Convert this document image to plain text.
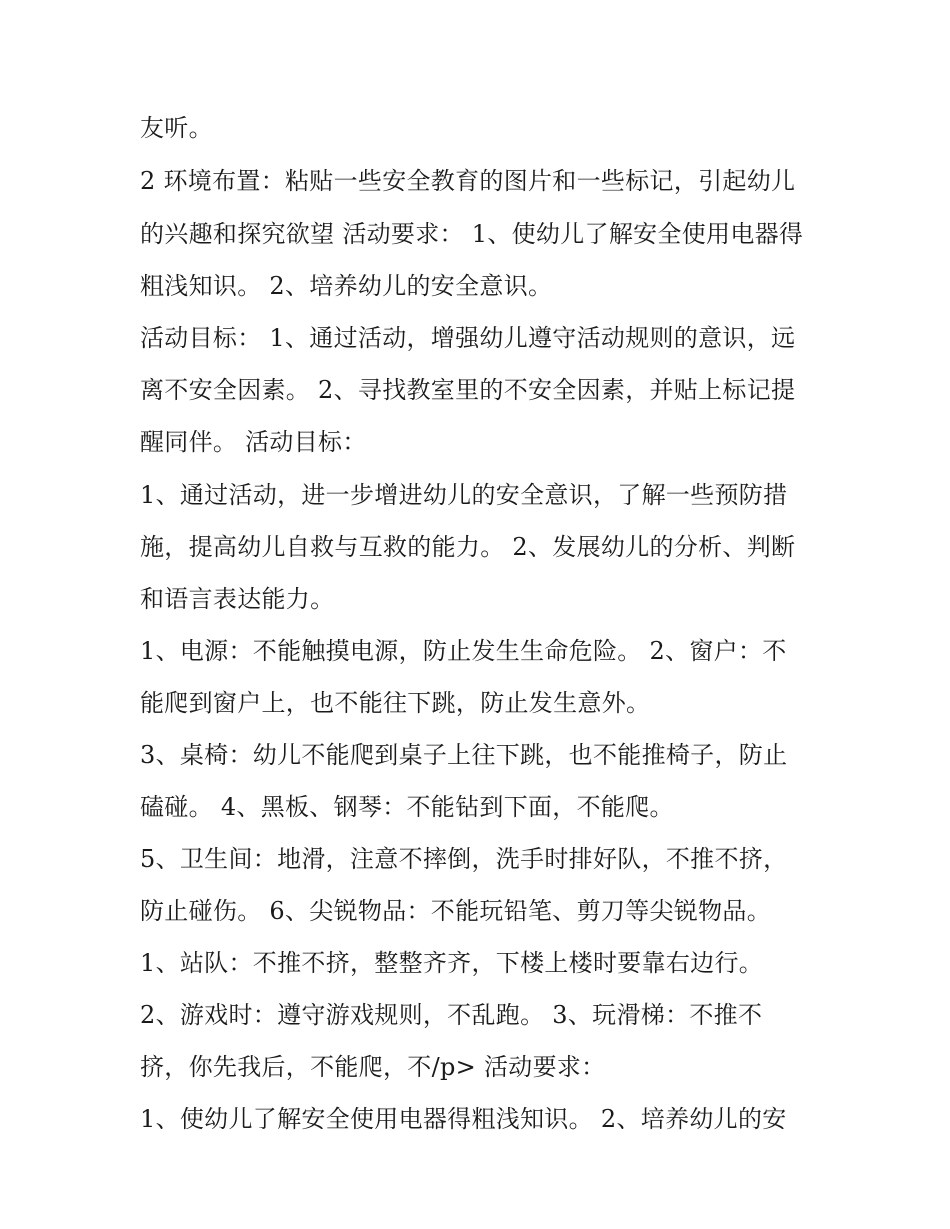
友听。
2 环境布置：粘贴一些安全教育的图片和一些标记，引起幼儿
的兴趣和探究欲望 活动要求： 1、使幼儿了解安全使用电器得
粗浅知识。 2、培养幼儿的安全意识。
活动目标： 1、通过活动，增强幼儿遵守活动规则的意识，远
离不安全因素。 2、寻找教室里的不安全因素，并贴上标记提
醒同伴。 活动目标：
1、通过活动，进一步增进幼儿的安全意识，了解一些预防措
施，提高幼儿自救与互救的能力。 2、发展幼儿的分析、判断
和语言表达能力。
1、电源：不能触摸电源，防止发生生命危险。 2、窗户：不
能爬到窗户上，也不能往下跳，防止发生意外。
3、桌椅：幼儿不能爬到桌子上往下跳，也不能推椅子，防止
磕碰。 4、黑板、钢琴：不能钻到下面，不能爬。
5、卫生间：地滑，注意不摔倒，洗手时排好队，不推不挤，
防止碰伤。 6、尖锐物品：不能玩铅笔、剪刀等尖锐物品。
1、站队：不推不挤，整整齐齐，下楼上楼时要靠右边行。
2、游戏时：遵守游戏规则，不乱跑。 3、玩滑梯：不推不
挤，你先我后，不能爬，不/p> 活动要求：
1、使幼儿了解安全使用电器得粗浅知识。 2、培养幼儿的安
